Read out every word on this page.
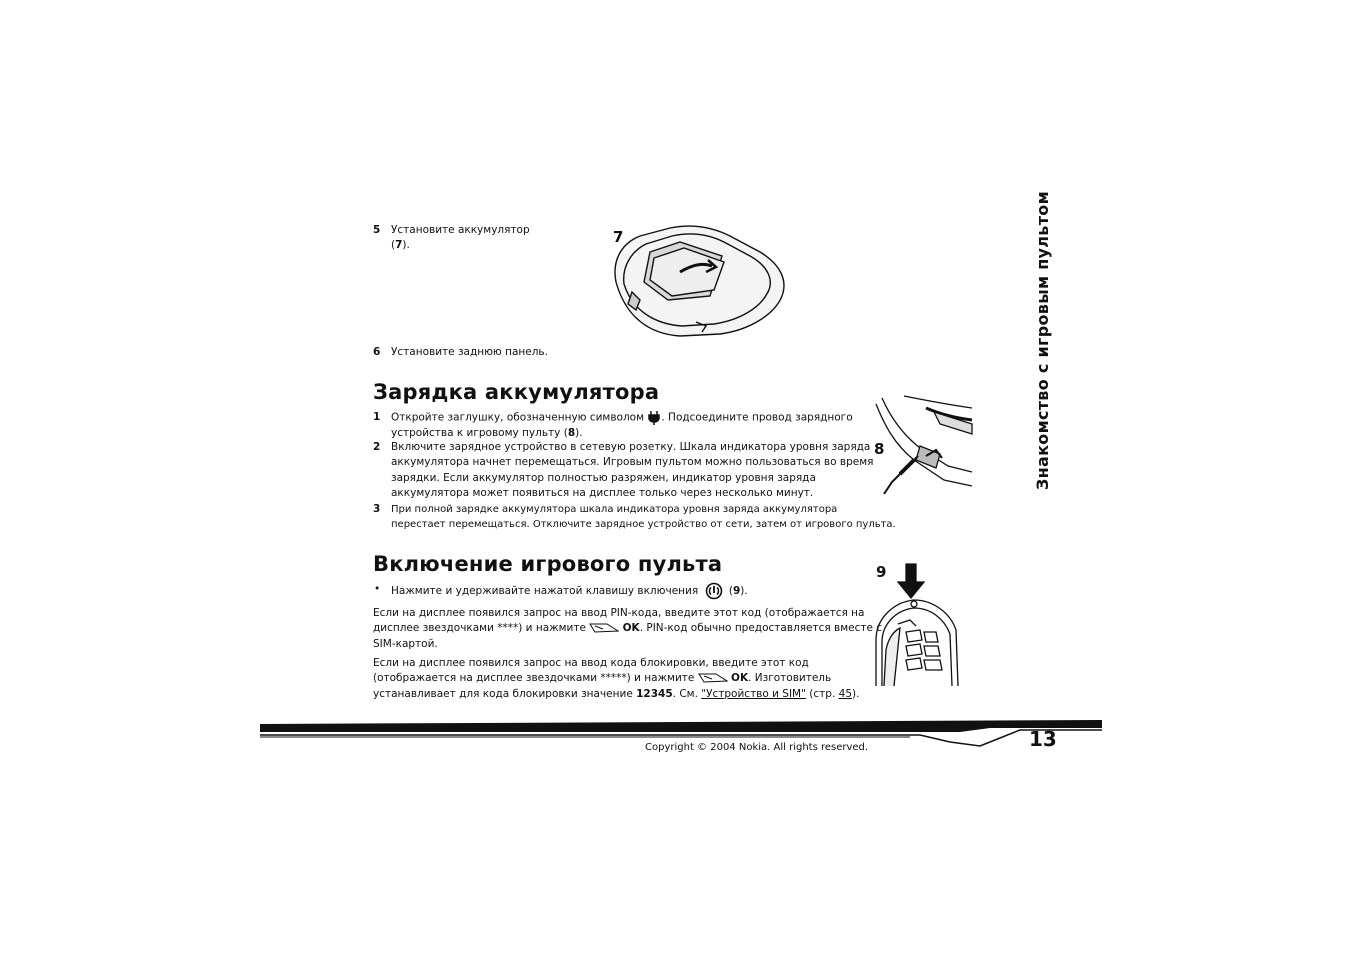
5 Установите аккумулятор
(7).	7
6 Установите заднюю панель.
Зарядка аккумулятора
1 Откройте заглушку, обозначенную символом . Подсоедините провод зарядного
устройства к игровому пульту (8).
2 Включите зарядное устройство в сетевую розетку. Шкала индикатора уровня заряда
аккумулятора начнет перемещаться. Игровым пультом можно пользоваться во время
зарядки. Если аккумулятор полностью разряжен, индикатор уровня заряда
аккумулятора может появиться на дисплее только через несколько минут.
3 При полной зарядке аккумулятора шкала индикатора уровня заряда аккумулятора
перестает перемещаться. Отключите зарядное устройство от сети, затем от игрового пульта.
8
Включение игрового пульта
• Нажмите и удерживайте нажатой клавишу включения	(9).
Если на дисплее появился запрос на ввод PIN-кода, введите этот код (отображается на
дисплее звездочками ****) и нажмите	OK. PIN-код обычно предоставляется вместе с
SIM-картой.
Если на дисплее появился запрос на ввод кода блокировки, введите этот код
(отображается на дисплее звездочками *****) и нажмите	OK. Изготовитель
устанавливает для кода блокировки значение 12345. См. "Устройство и SIM" (стр. 45).
9
Знакомство с игровым пультом
13
Copyright © 2004 Nokia. All rights reserved.
